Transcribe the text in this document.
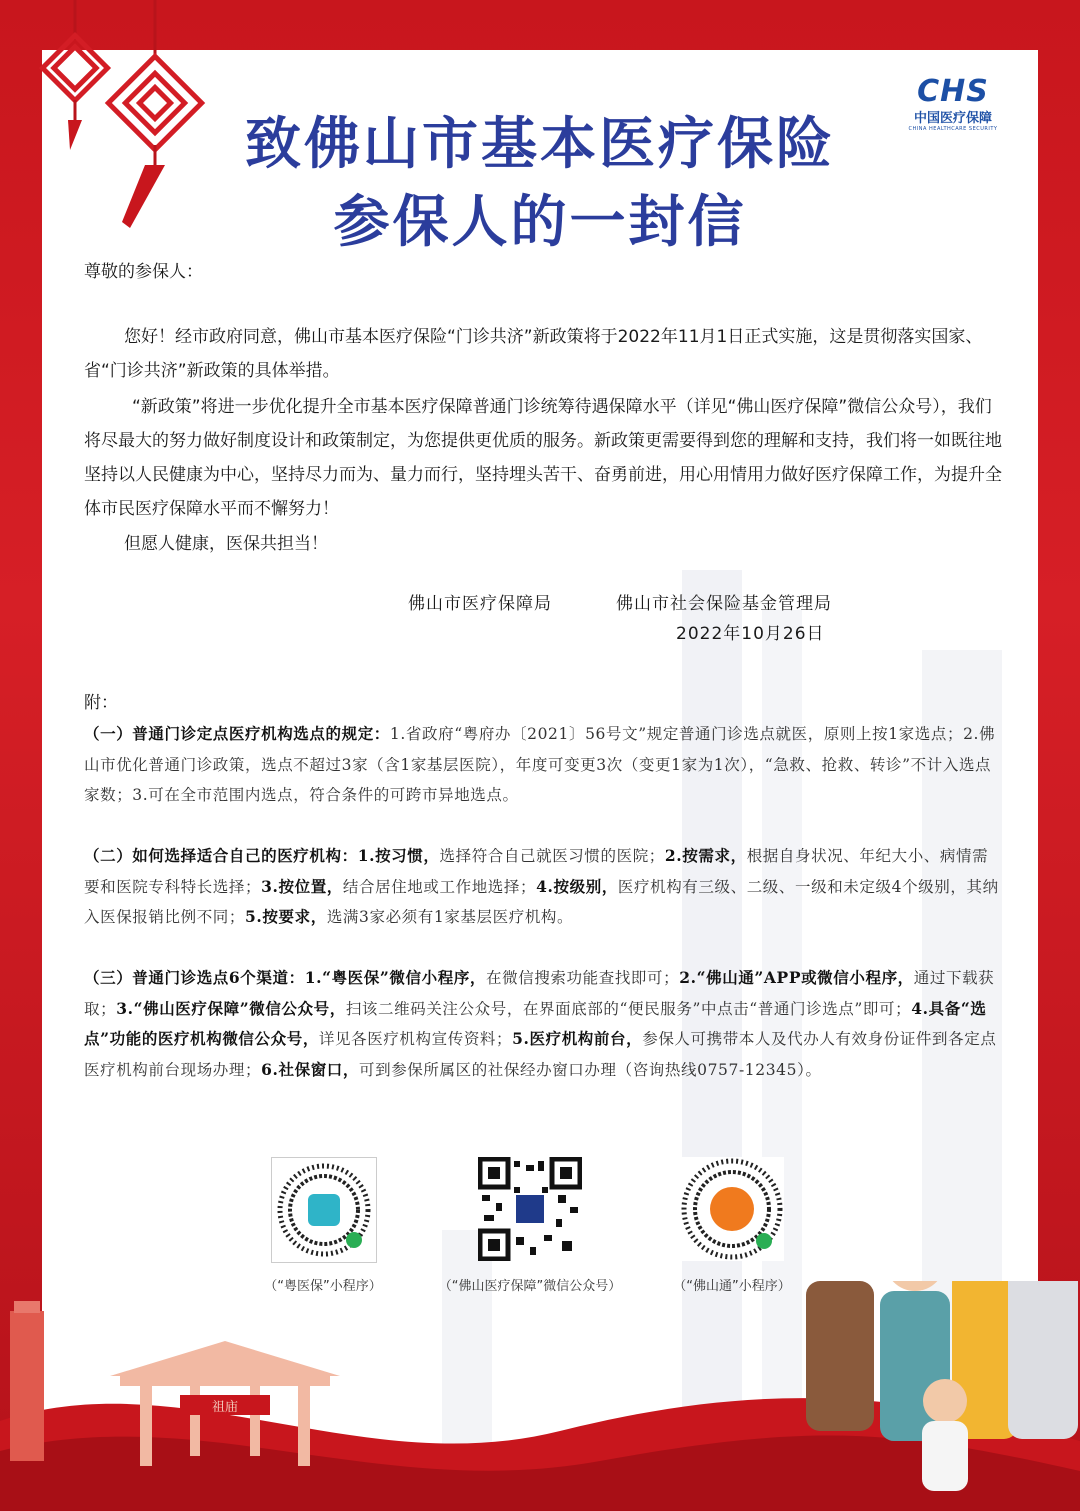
致佛山市基本医疗保险
参保人的一封信
CHS
中国医疗保障
CHINA HEALTHCARE SECURITY
尊敬的参保人：
您好！经市政府同意，佛山市基本医疗保险“门诊共济”新政策将于2022年11月1日正式实施，这是贯彻落实国家、省“门诊共济”新政策的具体举措。
“新政策”将进一步优化提升全市基本医疗保障普通门诊统筹待遇保障水平（详见“佛山医疗保障”微信公众号），我们将尽最大的努力做好制度设计和政策制定，为您提供更优质的服务。新政策更需要得到您的理解和支持，我们将一如既往地坚持以人民健康为中心，坚持尽力而为、量力而行，坚持埋头苦干、奋勇前进，用心用情用力做好医疗保障工作，为提升全体市民医疗保障水平而不懈努力！
但愿人健康，医保共担当！
佛山市医疗保障局	佛山市社会保险基金管理局
2022年10月26日
附：
（一）普通门诊定点医疗机构选点的规定：1.省政府“粤府办〔2021〕56号文”规定普通门诊选点就医，原则上按1家选点；2.佛山市优化普通门诊政策，选点不超过3家（含1家基层医院），年度可变更3次（变更1家为1次），“急救、抢救、转诊”不计入选点家数；3.可在全市范围内选点，符合条件的可跨市异地选点。
（二）如何选择适合自己的医疗机构：1.按习惯，选择符合自己就医习惯的医院；2.按需求，根据自身状况、年纪大小、病情需要和医院专科特长选择；3.按位置，结合居住地或工作地选择；4.按级别，医疗机构有三级、二级、一级和未定级4个级别，其纳入医保报销比例不同；5.按要求，选满3家必须有1家基层医疗机构。
（三）普通门诊选点6个渠道：1.“粤医保”微信小程序，在微信搜索功能查找即可；2.“佛山通”APP或微信小程序，通过下载获取；3.“佛山医疗保障”微信公众号，扫该二维码关注公众号，在界面底部的“便民服务”中点击“普通门诊选点”即可；4.具备“选点”功能的医疗机构微信公众号，详见各医疗机构宣传资料；5.医疗机构前台，参保人可携带本人及代办人有效身份证件到各定点医疗机构前台现场办理；6.社保窗口，可到参保所属区的社保经办窗口办理（咨询热线0757-12345）。
（“粤医保”小程序）	（“佛山医疗保障”微信公众号）	（“佛山通”小程序）
祖庙
